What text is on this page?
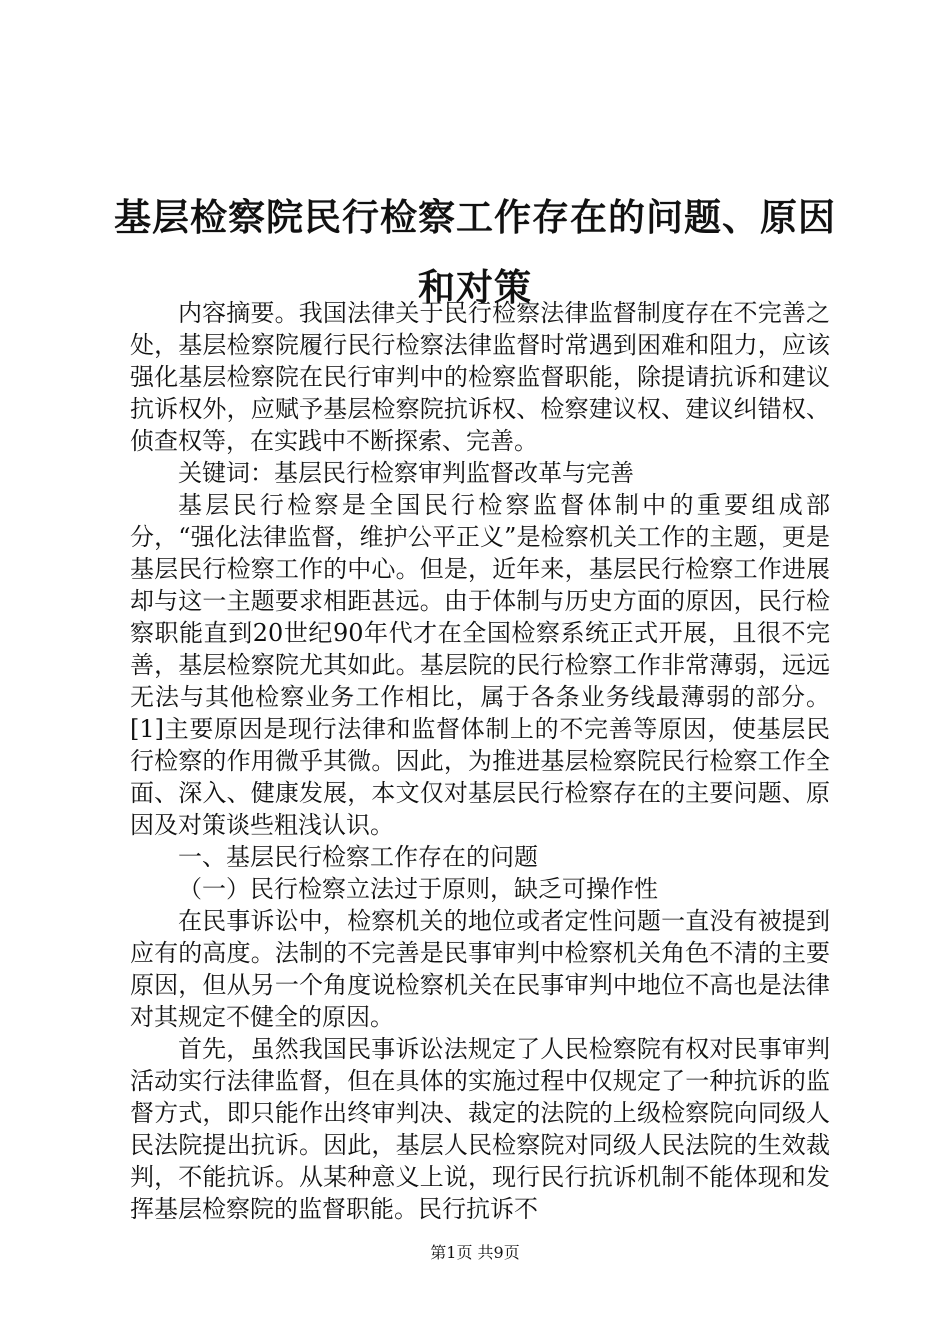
基层检察院民行检察工作存在的问题、原因和对策

内容摘要。我国法律关于民行检察法律监督制度存在不完善之处，基层检察院履行民行检察法律监督时常遇到困难和阻力，应该强化基层检察院在民行审判中的检察监督职能，除提请抗诉和建议抗诉权外，应赋予基层检察院抗诉权、检察建议权、建议纠错权、侦查权等，在实践中不断探索、完善。

关键词：基层民行检察审判监督改革与完善

基层民行检察是全国民行检察监督体制中的重要组成部分，“强化法律监督，维护公平正义”是检察机关工作的主题，更是基层民行检察工作的中心。但是，近年来，基层民行检察工作进展却与这一主题要求相距甚远。由于体制与历史方面的原因，民行检察职能直到20世纪90年代才在全国检察系统正式开展，且很不完善，基层检察院尤其如此。基层院的民行检察工作非常薄弱，远远无法与其他检察业务工作相比，属于各条业务线最薄弱的部分。[1]主要原因是现行法律和监督体制上的不完善等原因，使基层民行检察的作用微乎其微。因此，为推进基层检察院民行检察工作全面、深入、健康发展，本文仅对基层民行检察存在的主要问题、原因及对策谈些粗浅认识。

一、基层民行检察工作存在的问题

（一）民行检察立法过于原则，缺乏可操作性

在民事诉讼中，检察机关的地位或者定性问题一直没有被提到应有的高度。法制的不完善是民事审判中检察机关角色不清的主要原因，但从另一个角度说检察机关在民事审判中地位不高也是法律对其规定不健全的原因。

首先，虽然我国民事诉讼法规定了人民检察院有权对民事审判活动实行法律监督，但在具体的实施过程中仅规定了一种抗诉的监督方式，即只能作出终审判决、裁定的法院的上级检察院向同级人民法院提出抗诉。因此，基层人民检察院对同级人民法院的生效裁判，不能抗诉。从某种意义上说，现行民行抗诉机制不能体现和发挥基层检察院的监督职能。民行抗诉不

第1页 共9页
